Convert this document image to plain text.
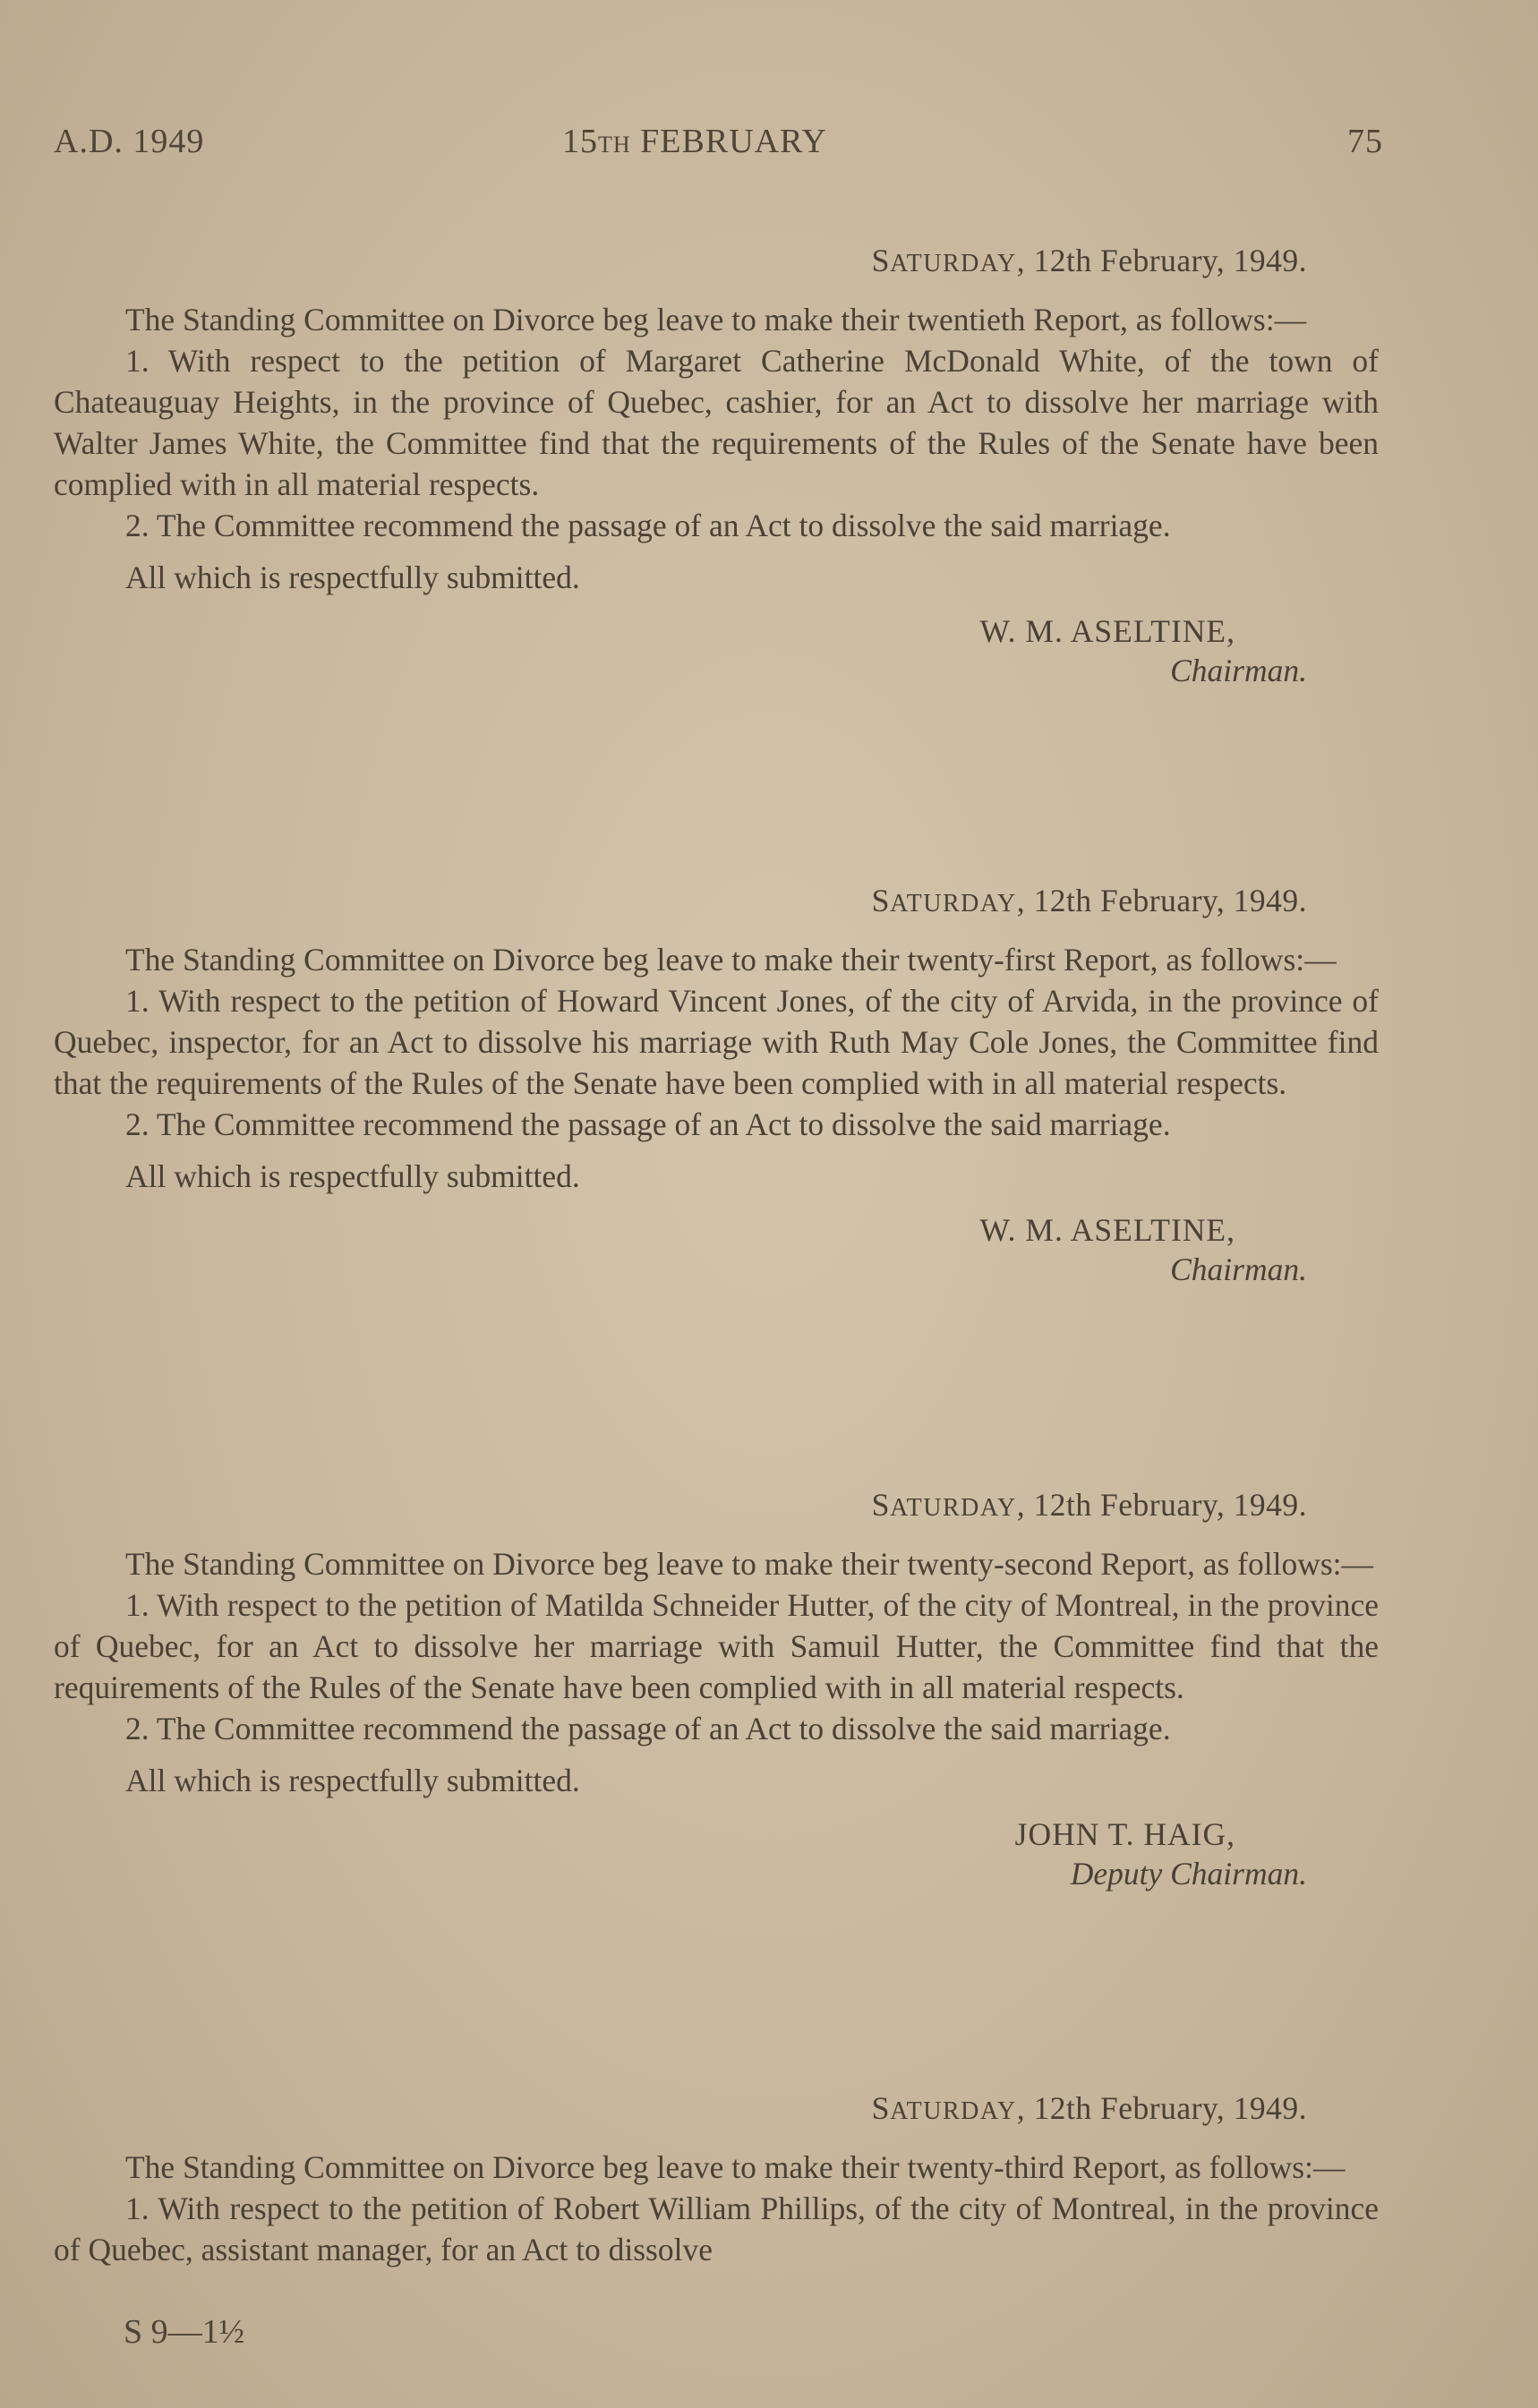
A.D. 1949	15TH FEBRUARY	75
SATURDAY, 12th February, 1949.

The Standing Committee on Divorce beg leave to make their twentieth Report, as follows:—

1. With respect to the petition of Margaret Catherine McDonald White, of the town of Chateauguay Heights, in the province of Quebec, cashier, for an Act to dissolve her marriage with Walter James White, the Committee find that the requirements of the Rules of the Senate have been complied with in all material respects.

2. The Committee recommend the passage of an Act to dissolve the said marriage.

All which is respectfully submitted.
W. M. ASELTINE,
Chairman.
SATURDAY, 12th February, 1949.

The Standing Committee on Divorce beg leave to make their twenty-first Report, as follows:—

1. With respect to the petition of Howard Vincent Jones, of the city of Arvida, in the province of Quebec, inspector, for an Act to dissolve his marriage with Ruth May Cole Jones, the Committee find that the requirements of the Rules of the Senate have been complied with in all material respects.

2. The Committee recommend the passage of an Act to dissolve the said marriage.

All which is respectfully submitted.
W. M. ASELTINE,
Chairman.
SATURDAY, 12th February, 1949.

The Standing Committee on Divorce beg leave to make their twenty-second Report, as follows:—

1. With respect to the petition of Matilda Schneider Hutter, of the city of Montreal, in the province of Quebec, for an Act to dissolve her marriage with Samuil Hutter, the Committee find that the requirements of the Rules of the Senate have been complied with in all material respects.

2. The Committee recommend the passage of an Act to dissolve the said marriage.

All which is respectfully submitted.
JOHN T. HAIG,
Deputy Chairman.
SATURDAY, 12th February, 1949.

The Standing Committee on Divorce beg leave to make their twenty-third Report, as follows:—

1. With respect to the petition of Robert William Phillips, of the city of Montreal, in the province of Quebec, assistant manager, for an Act to dissolve

S 9—1½
